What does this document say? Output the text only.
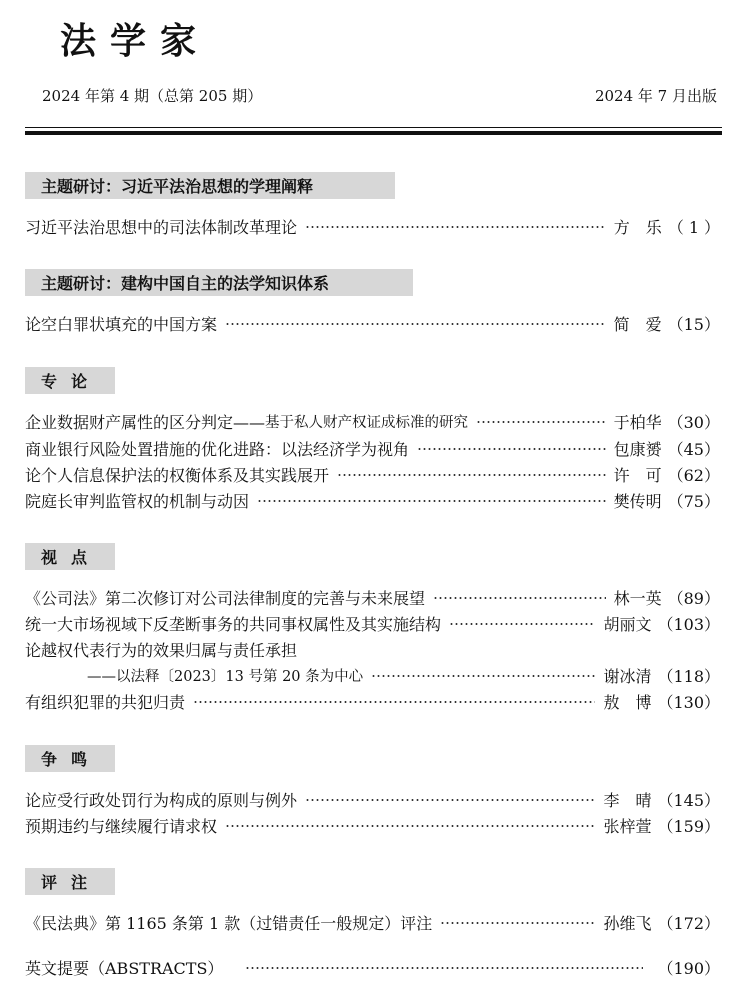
法学家
2024 年第 4 期（总第 205 期）	2024 年 7 月出版
主题研讨：习近平法治思想的学理阐释
习近平法治思想中的司法体制改革理论	方　乐 （1）
主题研讨：建构中国自主的法学知识体系
论空白罪状填充的中国方案	简　爱 （15）
专论
企业数据财产属性的区分判定—— 基于私人财产权证成标准的研究	于柏华 （30）
商业银行风险处置措施的优化进路：以法经济学为视角	包康赟 （45）
论个人信息保护法的权衡体系及其实践展开	许　可 （62）
院庭长审判监管权的机制与动因	樊传明 （75）
视点
《公司法》第二次修订对公司法律制度的完善与未来展望	林一英 （89）
统一大市场视域下反垄断事务的共同事权属性及其实施结构	胡丽文 （103）
论越权代表行为的效果归属与责任承担
——以法释〔2023〕13 号第 20 条为中心	谢冰清 （118）
有组织犯罪的共犯归责	敖　博 （130）
争鸣
论应受行政处罚行为构成的原则与例外	李　晴 （145）
预期违约与继续履行请求权	张梓萱 （159）
评注
《民法典》第 1165 条第 1 款（过错责任一般规定）评注	孙维飞 （172）
英文提要（ABSTRACTS）	（190）
